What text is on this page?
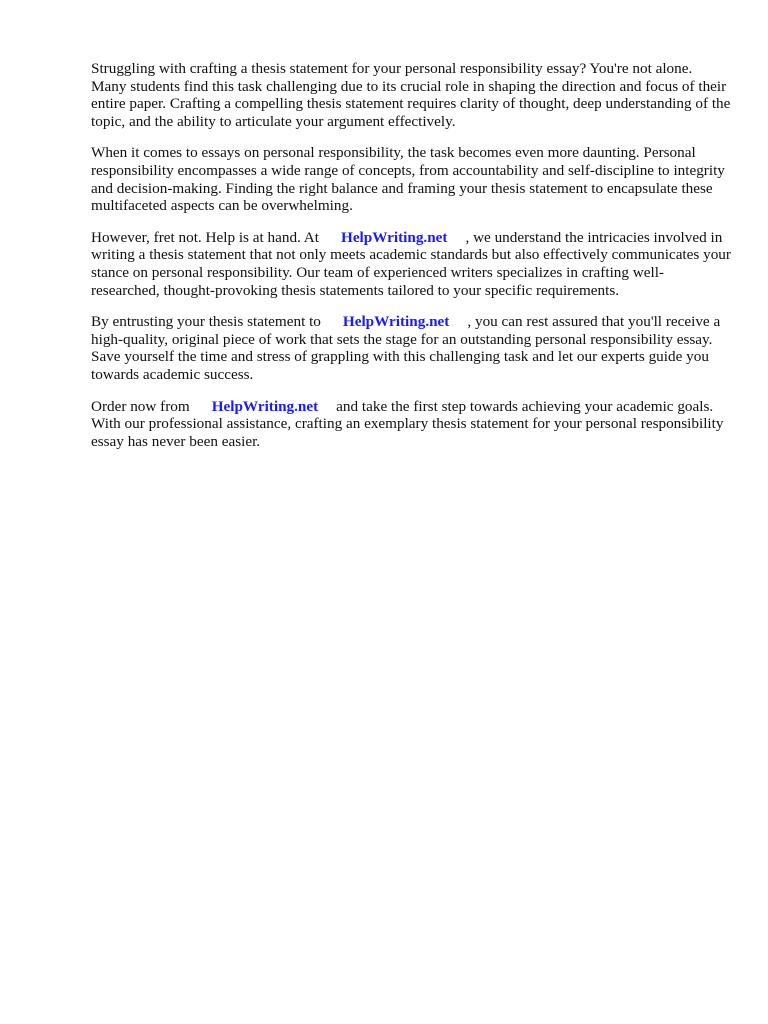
Struggling with crafting a thesis statement for your personal responsibility essay? You're not alone. Many students find this task challenging due to its crucial role in shaping the direction and focus of their entire paper. Crafting a compelling thesis statement requires clarity of thought, deep understanding of the topic, and the ability to articulate your argument effectively.

When it comes to essays on personal responsibility, the task becomes even more daunting. Personal responsibility encompasses a wide range of concepts, from accountability and self-discipline to integrity and decision-making. Finding the right balance and framing your thesis statement to encapsulate these multifaceted aspects can be overwhelming.

However, fret not. Help is at hand. At HelpWriting.net , we understand the intricacies involved in writing a thesis statement that not only meets academic standards but also effectively communicates your stance on personal responsibility. Our team of experienced writers specializes in crafting well-researched, thought-provoking thesis statements tailored to your specific requirements.

By entrusting your thesis statement to HelpWriting.net , you can rest assured that you'll receive a high-quality, original piece of work that sets the stage for an outstanding personal responsibility essay. Save yourself the time and stress of grappling with this challenging task and let our experts guide you towards academic success.

Order now from HelpWriting.net and take the first step towards achieving your academic goals. With our professional assistance, crafting an exemplary thesis statement for your personal responsibility essay has never been easier.
